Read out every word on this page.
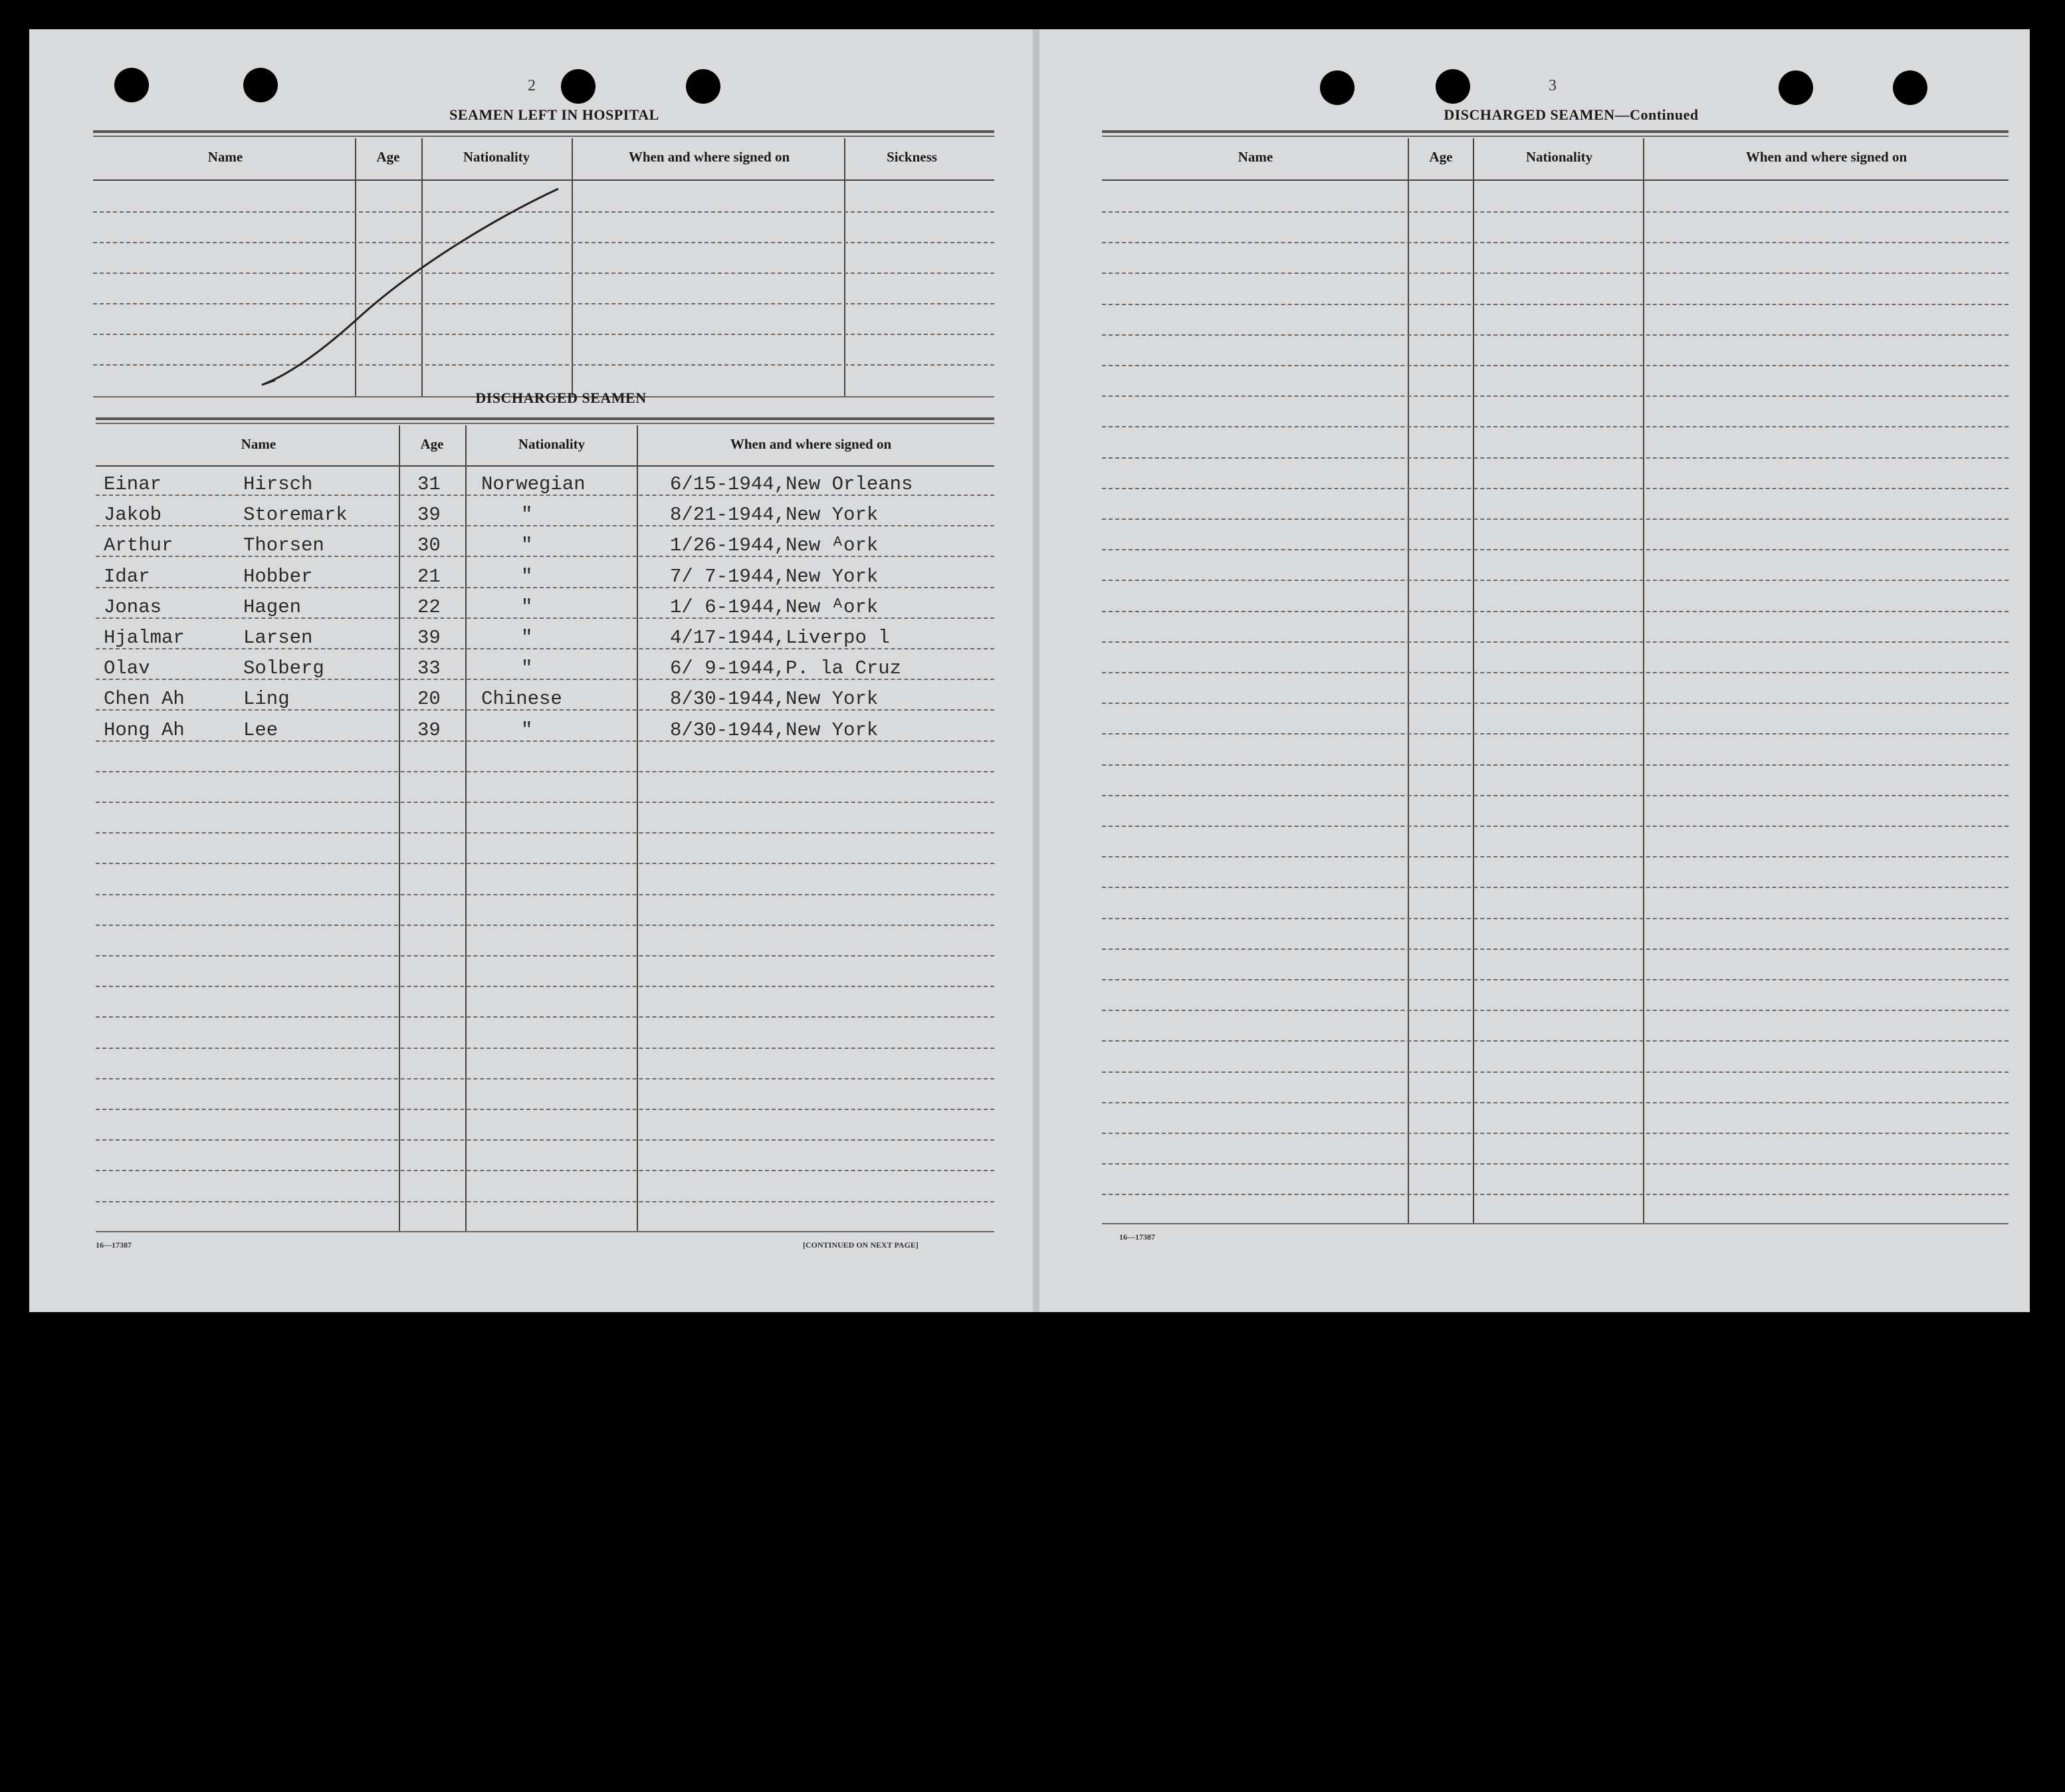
2
SEAMEN LEFT IN HOSPITAL
Name	Age	Nationality	When and where signed on	Sickness
DISCHARGED SEAMEN
Name	Age	Nationality	When and where signed on
Einar	Hirsch	31 Norwegian	6/15-1944,New Orleans
Jakob	Storemark	39	"	8/21-1944,New York
Arthur	Thorsen	30	"	1/26-1944,New ᴬork
Idar	Hobber	21	"	7/ 7-1944,New York
Jonas	Hagen	22	"	1/ 6-1944,New ᴬork
Hjalmar	Larsen	39	"	4/17-1944,Liverpo l
Olav	Solberg	33	"	6/ 9-1944,P. la Cruz
Chen Ah	Ling	20 Chinese	8/30-1944,New York
Hong Ah	Lee	39	"	8/30-1944,New York
16—17387	[CONTINUED ON NEXT PAGE]
3
DISCHARGED SEAMEN—Continued
Name	Age	Nationality	When and where signed on
16—17387
